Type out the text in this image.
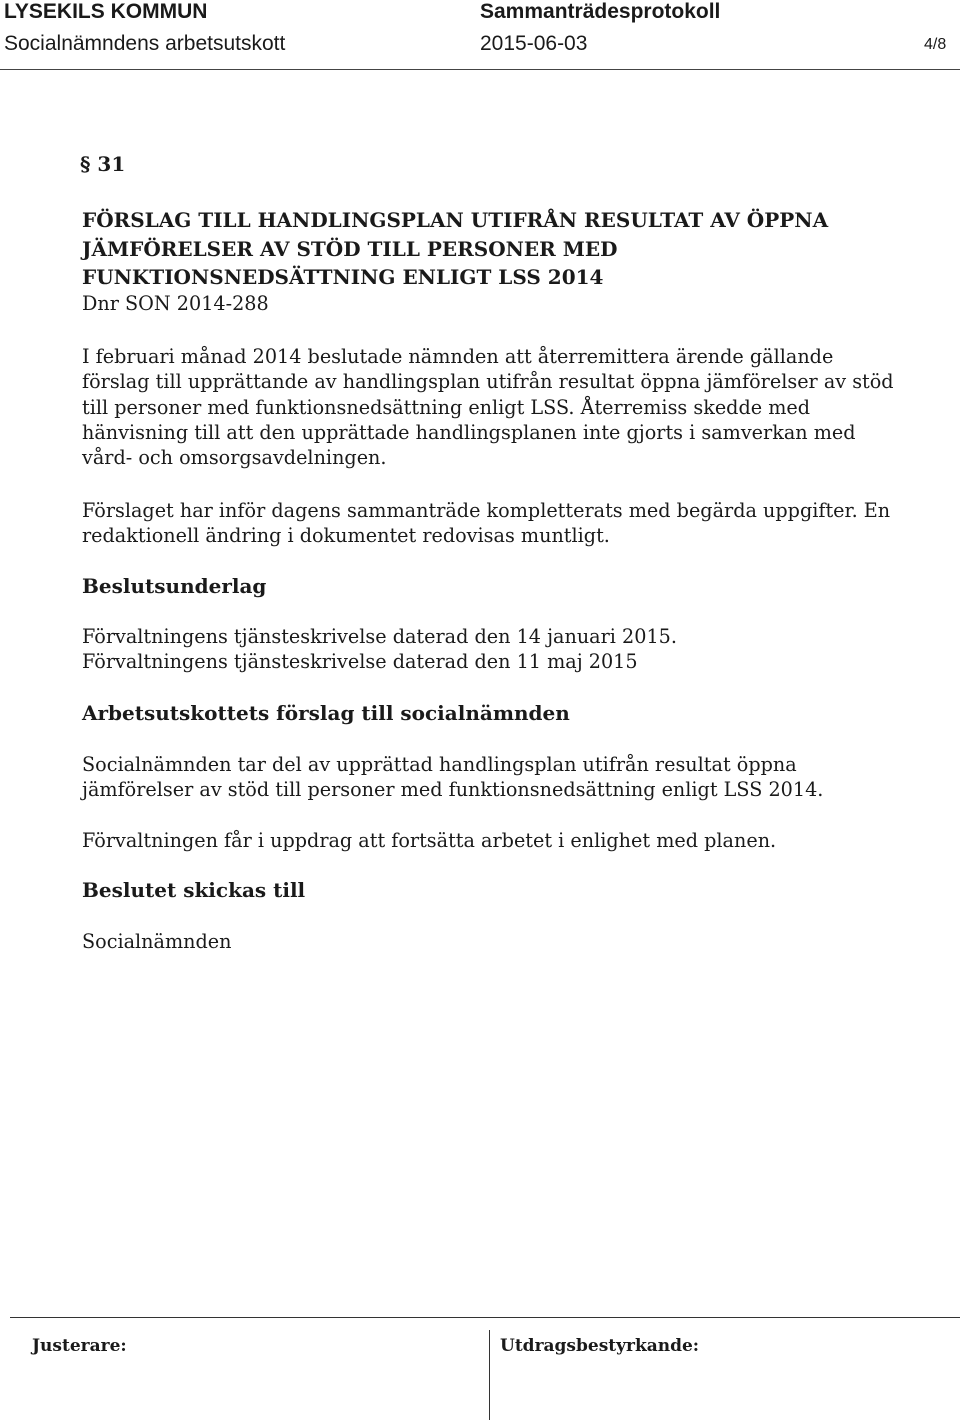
LYSEKILS KOMMUN	Sammanträdesprotokoll
Socialnämndens arbetsutskott	2015-06-03	4/8
§ 31
FÖRSLAG TILL HANDLINGSPLAN UTIFRÅN RESULTAT AV ÖPPNA
JÄMFÖRELSER AV STÖD TILL PERSONER MED
FUNKTIONSNEDSÄTTNING ENLIGT LSS 2014
Dnr SON 2014-288
I februari månad 2014 beslutade nämnden att återremittera ärende gällande
förslag till upprättande av handlingsplan utifrån resultat öppna jämförelser av stöd
till personer med funktionsnedsättning enligt LSS. Återremiss skedde med
hänvisning till att den upprättade handlingsplanen inte gjorts i samverkan med
vård- och omsorgsavdelningen.
Förslaget har inför dagens sammanträde kompletterats med begärda uppgifter. En
redaktionell ändring i dokumentet redovisas muntligt.
Beslutsunderlag
Förvaltningens tjänsteskrivelse daterad den 14 januari 2015.
Förvaltningens tjänsteskrivelse daterad den 11 maj 2015
Arbetsutskottets förslag till socialnämnden
Socialnämnden tar del av upprättad handlingsplan utifrån resultat öppna
jämförelser av stöd till personer med funktionsnedsättning enligt LSS 2014.
Förvaltningen får i uppdrag att fortsätta arbetet i enlighet med planen.
Beslutet skickas till
Socialnämnden
Justerare:	Utdragsbestyrkande:
